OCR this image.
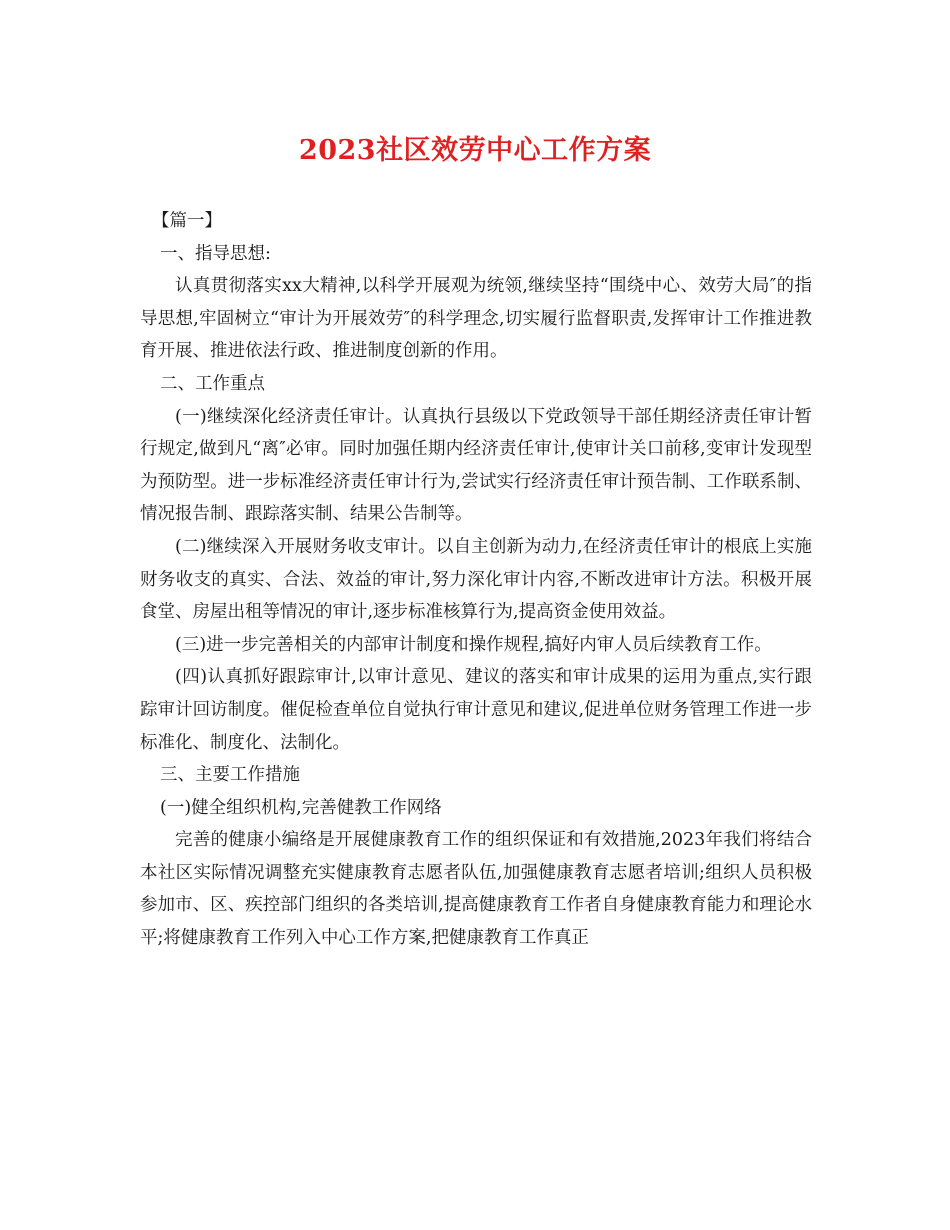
2023社区效劳中心工作方案

【篇一】

一、指导思想:

认真贯彻落实xx大精神,以科学开展观为统领,继续坚持“围绕中心、效劳大局″的指导思想,牢固树立“审计为开展效劳″的科学理念,切实履行监督职责,发挥审计工作推进教育开展、推进依法行政、推进制度创新的作用。

二、工作重点

(一)继续深化经济责任审计。认真执行县级以下党政领导干部任期经济责任审计暂行规定,做到凡“离″必审。同时加强任期内经济责任审计,使审计关口前移,变审计发现型为预防型。进一步标准经济责任审计行为,尝试实行经济责任审计预告制、工作联系制、情况报告制、跟踪落实制、结果公告制等。

(二)继续深入开展财务收支审计。以自主创新为动力,在经济责任审计的根底上实施财务收支的真实、合法、效益的审计,努力深化审计内容,不断改进审计方法。积极开展食堂、房屋出租等情况的审计,逐步标准核算行为,提高资金使用效益。

(三)进一步完善相关的内部审计制度和操作规程,搞好内审人员后续教育工作。

(四)认真抓好跟踪审计,以审计意见、建议的落实和审计成果的运用为重点,实行跟踪审计回访制度。催促检查单位自觉执行审计意见和建议,促进单位财务管理工作进一步标准化、制度化、法制化。

三、主要工作措施

(一)健全组织机构,完善健教工作网络

完善的健康小编络是开展健康教育工作的组织保证和有效措施,2023年我们将结合本社区实际情况调整充实健康教育志愿者队伍,加强健康教育志愿者培训;组织人员积极参加市、区、疾控部门组织的各类培训,提高健康教育工作者自身健康教育能力和理论水平;将健康教育工作列入中心工作方案,把健康教育工作真正
